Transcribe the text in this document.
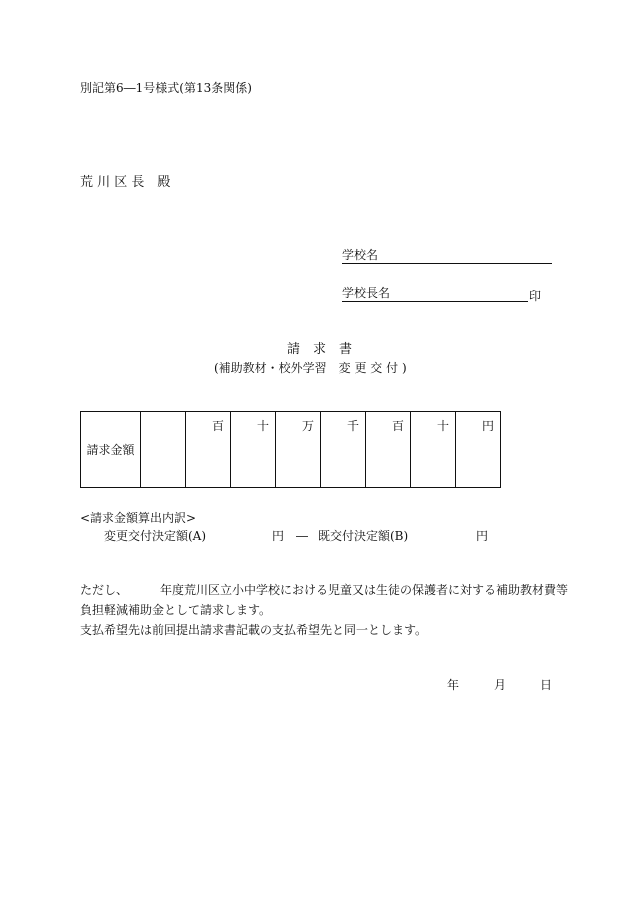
別記第6―1号様式(第13条関係)
荒 川 区 長　殿
学校名
学校長名	印
請　求　書
(補助教材・校外学習　変 更 交 付 )
請求金額		百	十	万	千	百	十	円
<請求金額算出内訳>
変更交付決定額(A)	円 ― 既交付決定額(B)	円
ただし、	年度荒川区立小中学校における児童又は生徒の保護者に対する補助教材費等
負担軽減補助金として請求します。
支払希望先は前回提出請求書記載の支払希望先と同一とします。
年	月	日
